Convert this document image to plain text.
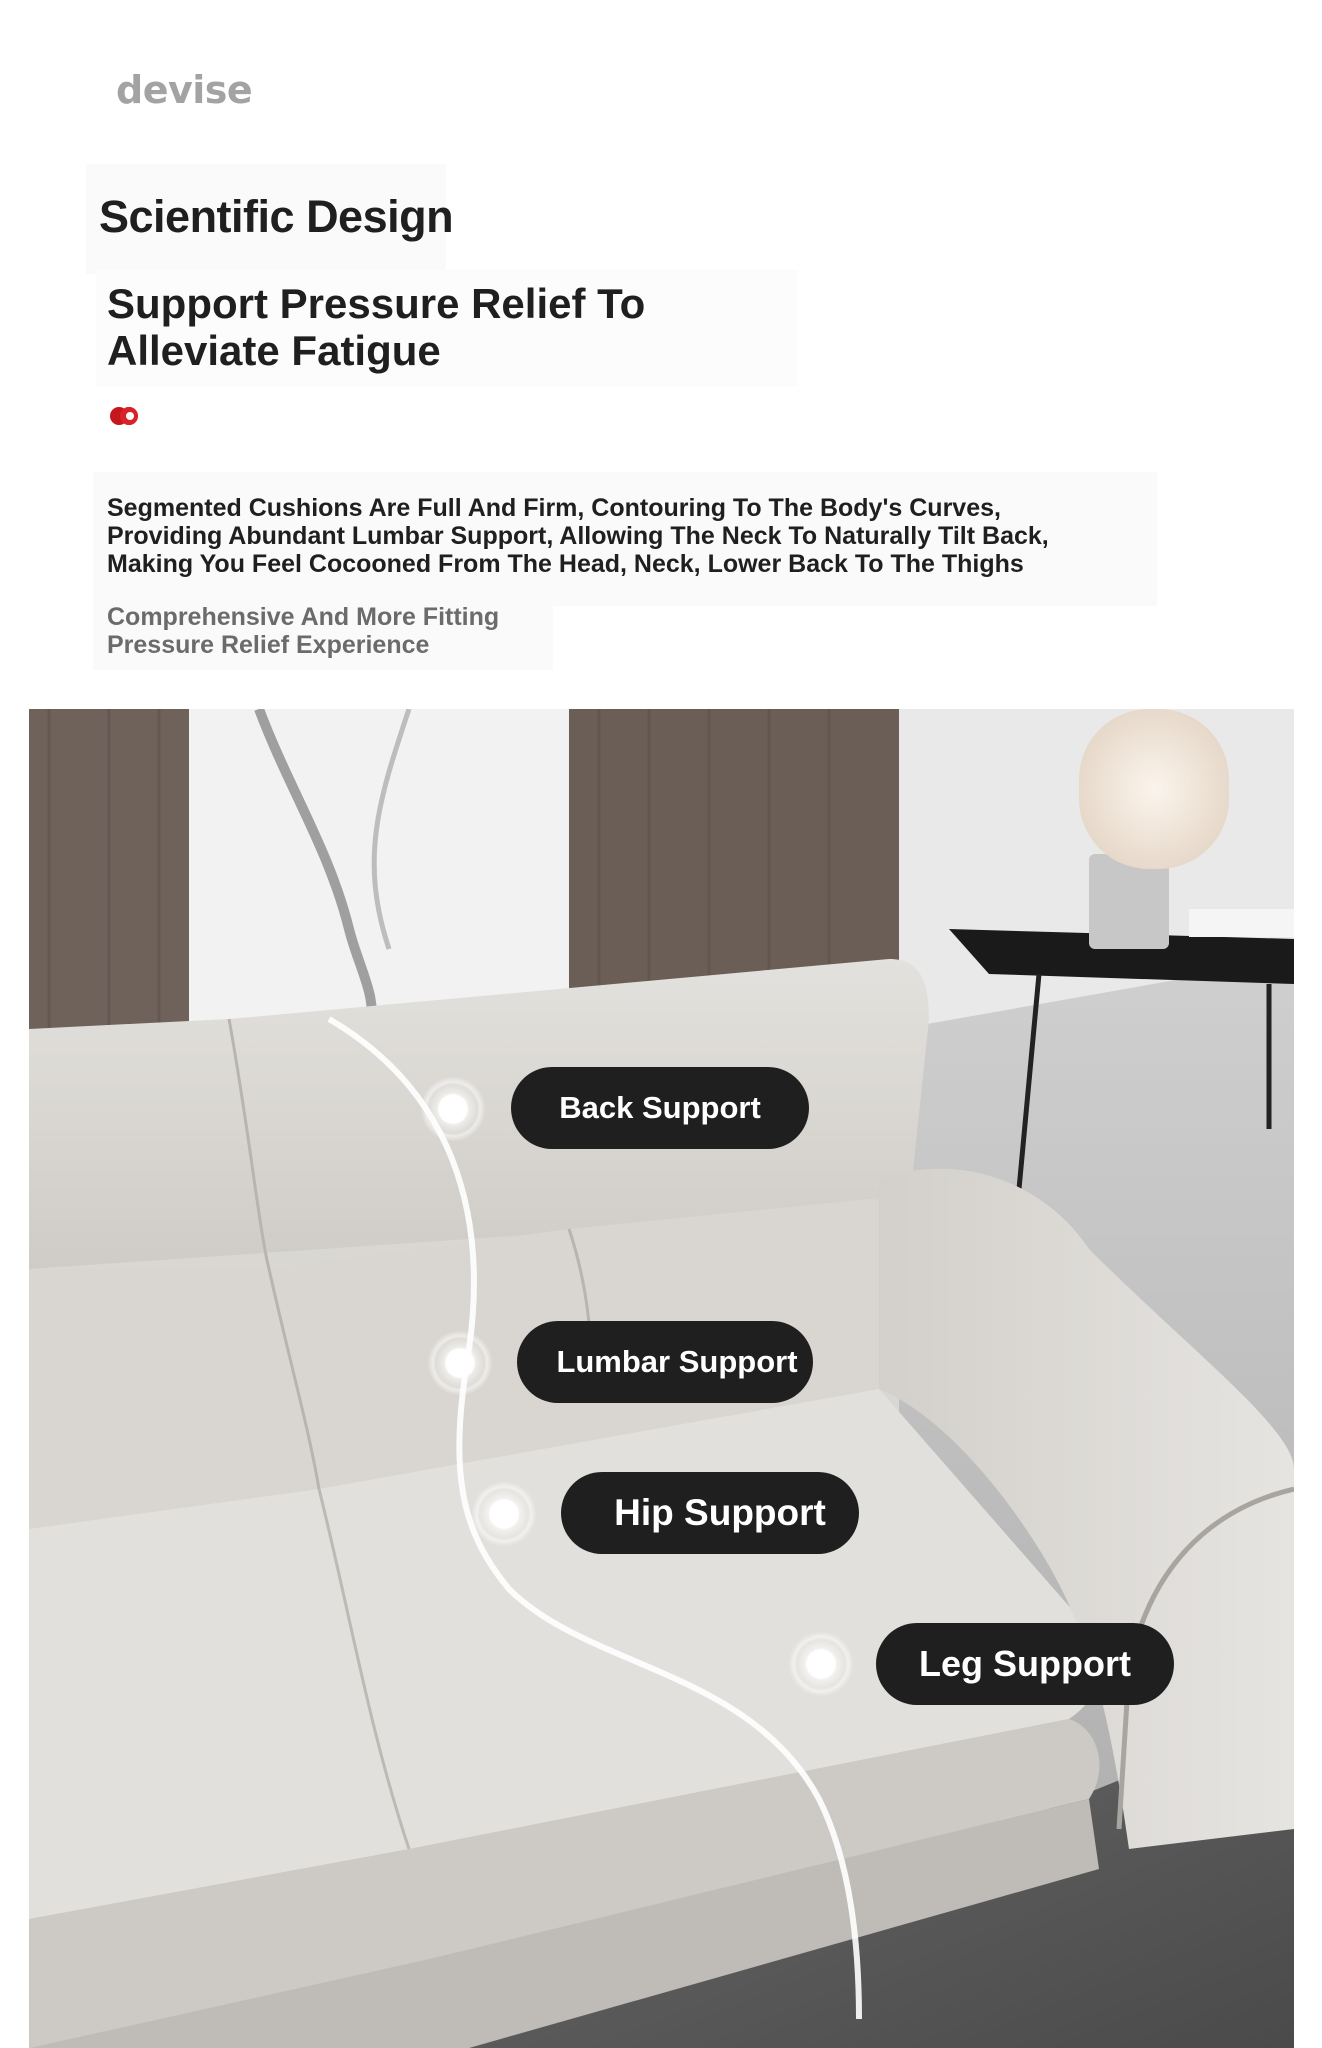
devise
Scientific Design
Support Pressure Relief To
Alleviate Fatigue
Segmented Cushions Are Full And Firm, Contouring To The Body's Curves,
Providing Abundant Lumbar Support, Allowing The Neck To Naturally Tilt Back,
Making You Feel Cocooned From The Head, Neck, Lower Back To The Thighs
Comprehensive And More Fitting
Pressure Relief Experience
Back Support
Lumbar Support
Hip Support
Leg Support
